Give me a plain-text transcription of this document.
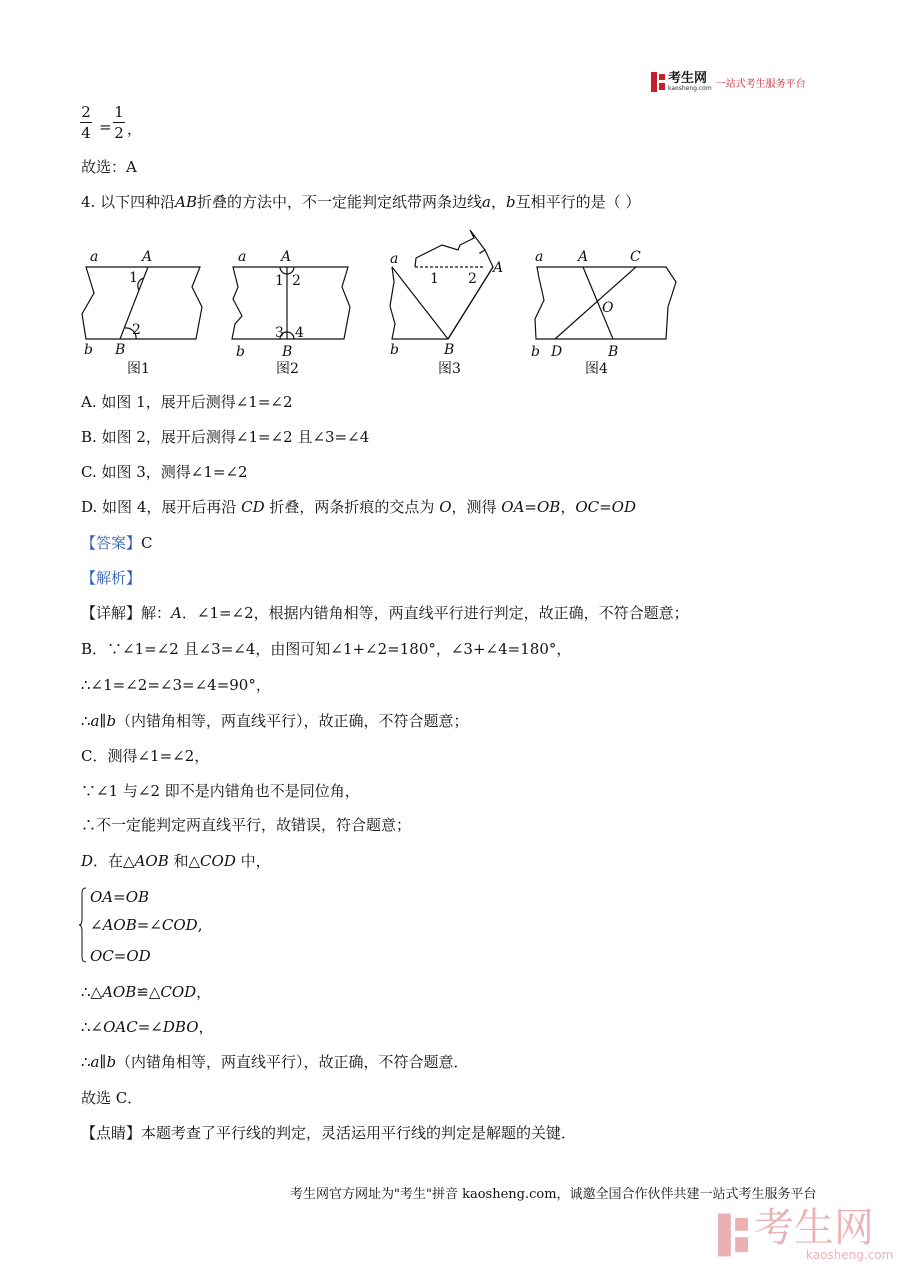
考生网
kaosheng.com 一站式考生服务平台
2
4 =
1
2 ，
故选：A
4. 以下四种沿AB折叠的方法中，不一定能判定纸带两条边线a，b互相平行的是（ ）
a	A
1
2
b B
图1
a A
1 2
3 4
b	B
图2
a
A
1 2
b	B
图3
a A	C
O
b D	B
图4
A. 如图 1，展开后测得∠1=∠2
B. 如图 2，展开后测得∠1=∠2 且∠3=∠4
C. 如图 3，测得∠1=∠2
D. 如图 4，展开后再沿 CD 折叠，两条折痕的交点为 O，测得 OA=OB，OC=OD
【答案】C
【解析】
【详解】解：A．∠1=∠2，根据内错角相等，两直线平行进行判定，故正确，不符合题意；
B．∵∠1=∠2 且∠3=∠4，由图可知∠1+∠2=180°，∠3+∠4=180°，
∴∠1=∠2=∠3=∠4=90°，
∴a∥b（内错角相等，两直线平行），故正确，不符合题意；
C．测得∠1=∠2，
∵∠1 与∠2 即不是内错角也不是同位角，
∴不一定能判定两直线平行，故错误，符合题意；
D．在△AOB 和△COD 中，
OA=OB
∠AOB=∠COD,
OC=OD
∴△AOB≌△COD，
∴∠OAC=∠DBO，
∴a∥b（内错角相等，两直线平行），故正确，不符合题意．
故选 C．
【点睛】本题考查了平行线的判定，灵活运用平行线的判定是解题的关键．
考生网官方网址为"考生"拼音 kaosheng.com，诚邀全国合作伙伴共建一站式考生服务平台
考生网
kaosheng.com
